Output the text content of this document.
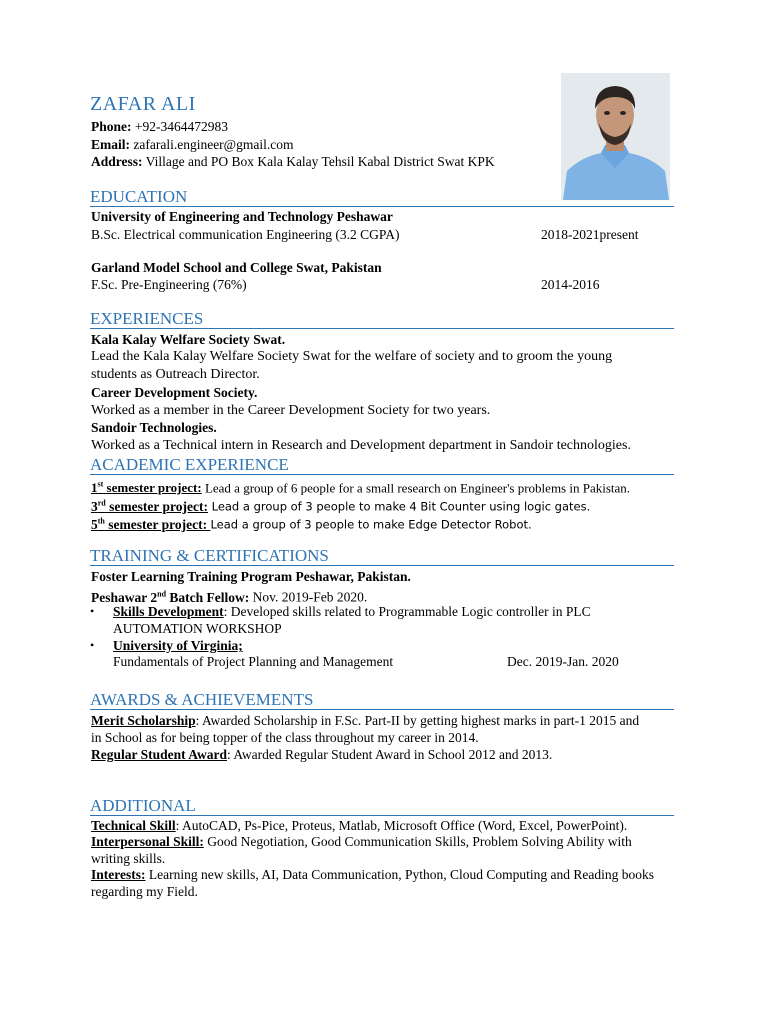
ZAFAR ALI
Phone: +92-3464472983
Email: zafarali.engineer@gmail.com
Address: Village and PO Box Kala Kalay Tehsil Kabal District Swat KPK
EDUCATION
University of Engineering and Technology Peshawar
B.Sc. Electrical communication Engineering (3.2 CGPA)	2018-2021present
Garland Model School and College Swat, Pakistan
F.Sc. Pre-Engineering (76%)	2014-2016
EXPERIENCES
Kala Kalay Welfare Society Swat.
Lead the Kala Kalay Welfare Society Swat for the welfare of society and to groom the young
students as Outreach Director.
Career Development Society.
Worked as a member in the Career Development Society for two years.
Sandoir Technologies.
Worked as a Technical intern in Research and Development department in Sandoir technologies.
ACADEMIC EXPERIENCE
1st semester project: Lead a group of 6 people for a small research on Engineer's problems in Pakistan.
3rd semester project: Lead a group of 3 people to make 4 Bit Counter using logic gates.
5th semester project: Lead a group of 3 people to make Edge Detector Robot.
TRAINING & CERTIFICATIONS
Foster Learning Training Program Peshawar, Pakistan.
Peshawar 2nd Batch Fellow: Nov. 2019-Feb 2020.
• Skills Development: Developed skills related to Programmable Logic controller in PLC
AUTOMATION WORKSHOP
• University of Virginia;
Fundamentals of Project Planning and Management	Dec. 2019-Jan. 2020
AWARDS & ACHIEVEMENTS
Merit Scholarship: Awarded Scholarship in F.Sc. Part-II by getting highest marks in part-1 2015 and
in School as for being topper of the class throughout my career in 2014.
Regular Student Award: Awarded Regular Student Award in School 2012 and 2013.
ADDITIONAL
Technical Skill: AutoCAD, Ps-Pice, Proteus, Matlab, Microsoft Office (Word, Excel, PowerPoint).
Interpersonal Skill: Good Negotiation, Good Communication Skills, Problem Solving Ability with
writing skills.
Interests: Learning new skills, AI, Data Communication, Python, Cloud Computing and Reading books
regarding my Field.
